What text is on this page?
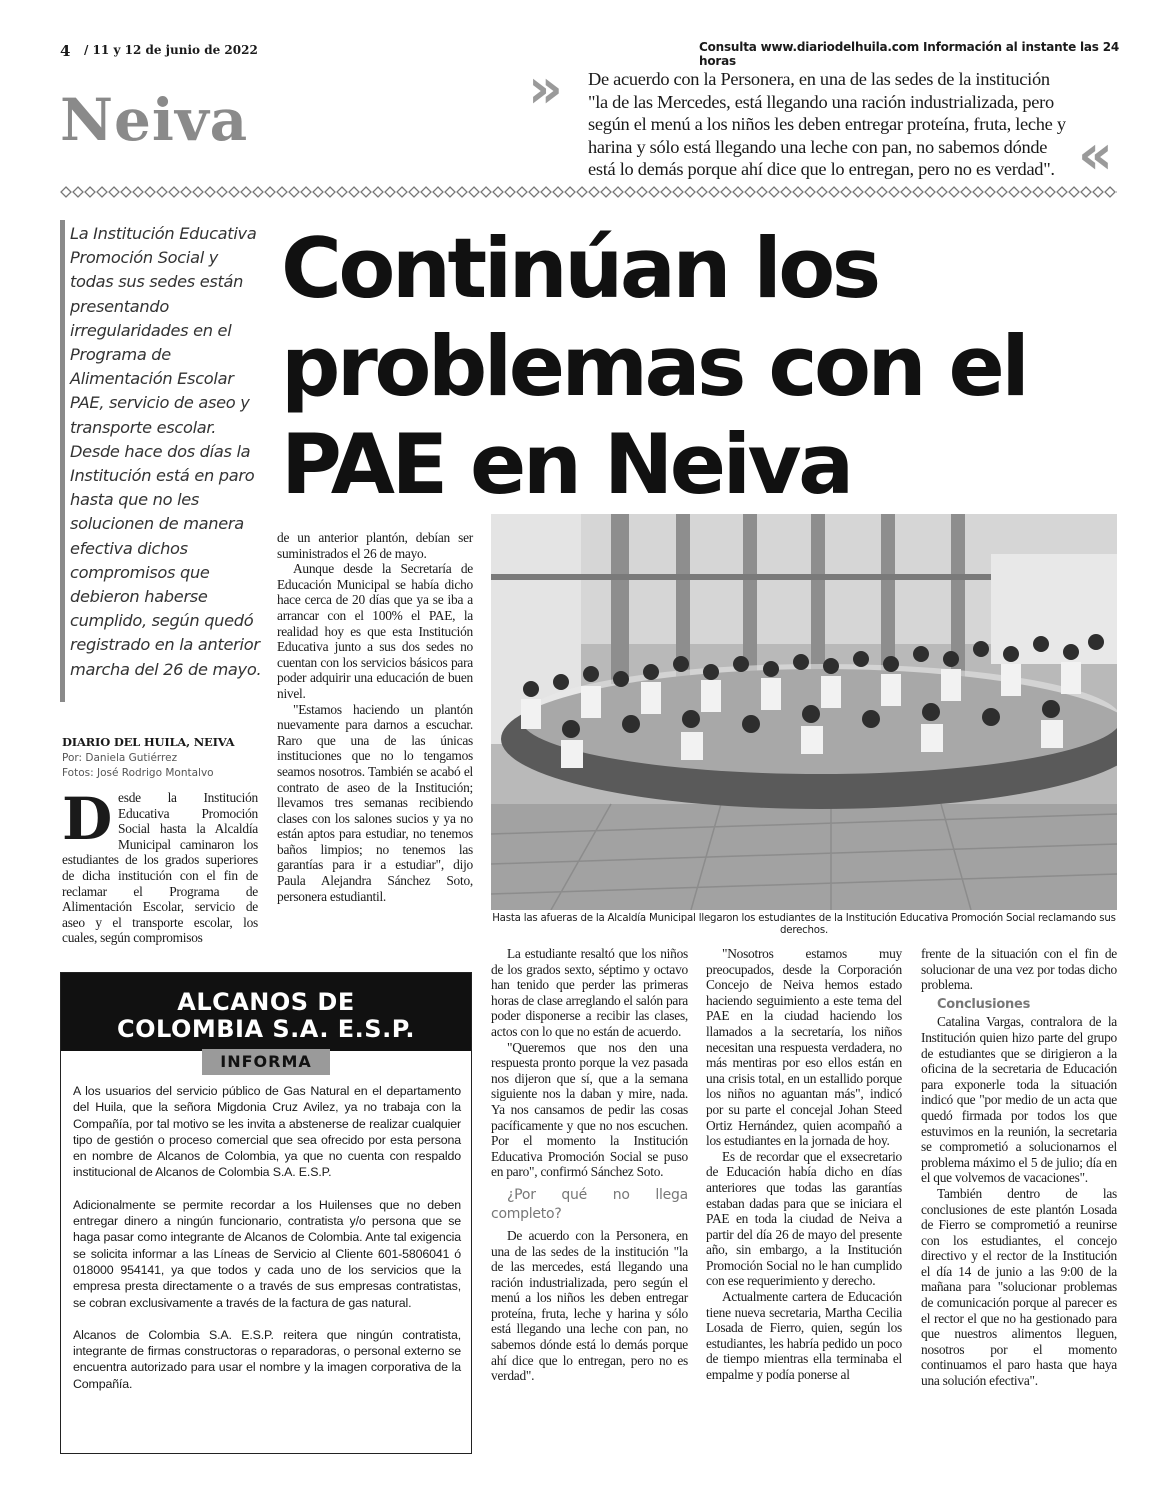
4 / 11 y 12 de junio de 2022	Consulta www.diariodelhuila.com Información al instante las 24 horas
Neiva	» De acuerdo con la Personera, en una de las sedes de la institución "la de las Mercedes, está llegando una ración industrializada, pero según el menú a los niños les deben entregar proteína, fruta, leche y harina y sólo está llegando una leche con pan, no sabemos dónde está lo demás porque ahí dice que lo entregan, pero no es verdad". «
La Institución Educativa Promoción Social y todas sus sedes están presentando irregularidades en el Programa de Alimentación Escolar PAE, servicio de aseo y transporte escolar. Desde hace dos días la Institución está en paro hasta que no les solucionen de manera efectiva dichos compromisos que debieron haberse cumplido, según quedó registrado en la anterior marcha del 26 de mayo.
Continúan los problemas con el PAE en Neiva
DIARIO DEL HUILA, NEIVA
Por: Daniela Gutiérrez
Fotos: José Rodrigo Montalvo
D esde la Institución Educativa Promoción Social hasta la Alcaldía Municipal caminaron los estudiantes de los grados superiores de dicha institución con el fin de reclamar el Programa de Alimentación Escolar, servicio de aseo y el transporte escolar, los cuales, según compromisos

de un anterior plantón, debían ser suministrados el 26 de mayo.

Aunque desde la Secretaría de Educación Municipal se había dicho hace cerca de 20 días que ya se iba a arrancar con el 100% el PAE, la realidad hoy es que esta Institución Educativa junto a sus dos sedes no cuentan con los servicios básicos para poder adquirir una educación de buen nivel.

"Estamos haciendo un plantón nuevamente para darnos a escuchar. Raro que una de las únicas instituciones que no lo tengamos seamos nosotros. También se acabó el contrato de aseo de la Institución; llevamos tres semanas recibiendo clases con los salones sucios y ya no están aptos para estudiar, no tenemos baños limpios; no tenemos las garantías para ir a estudiar", dijo Paula Alejandra Sánchez Soto, personera estudiantil.

Hasta las afueras de la Alcaldía Municipal llegaron los estudiantes de la Institución Educativa Promoción Social reclamando sus derechos.

La estudiante resaltó que los niños de los grados sexto, séptimo y octavo han tenido que perder las primeras horas de clase arreglando el salón para poder disponerse a recibir las clases, actos con lo que no están de acuerdo.

"Queremos que nos den una respuesta pronto porque la vez pasada nos dijeron que sí, que a la semana siguiente nos la daban y mire, nada. Ya nos cansamos de pedir las cosas pacíficamente y que no nos escuchen. Por el momento la Institución Educativa Promoción Social se puso en paro", confirmó Sánchez Soto.

¿Por qué no llega completo?

De acuerdo con la Personera, en una de las sedes de la institución "la de las mercedes, está llegando una ración industrializada, pero según el menú a los niños les deben entregar proteína, fruta, leche y harina y sólo está llegando una leche con pan, no sabemos dónde está lo demás porque ahí dice que lo entregan, pero no es verdad".

"Nosotros estamos muy preocupados, desde la Corporación Concejo de Neiva hemos estado haciendo seguimiento a este tema del PAE en la ciudad haciendo los llamados a la secretaría, los niños necesitan una respuesta verdadera, no más mentiras por eso ellos están en una crisis total, en un estallido porque los niños no aguantan más", indicó por su parte el concejal Johan Steed Ortiz Hernández, quien acompañó a los estudiantes en la jornada de hoy.

Es de recordar que el exsecretario de Educación había dicho en días anteriores que todas las garantías estaban dadas para que se iniciara el PAE en toda la ciudad de Neiva a partir del día 26 de mayo del presente año, sin embargo, a la Institución Promoción Social no le han cumplido con ese requerimiento y derecho.

Actualmente cartera de Educación tiene nueva secretaria, Martha Cecilia Losada de Fierro, quien, según los estudiantes, les habría pedido un poco de tiempo mientras ella terminaba el empalme y podía ponerse al

frente de la situación con el fin de solucionar de una vez por todas dicho problema.

Conclusiones

Catalina Vargas, contralora de la Institución quien hizo parte del grupo de estudiantes que se dirigieron a la oficina de la secretaria de Educación para exponerle toda la situación indicó que "por medio de un acta que quedó firmada por todos los que estuvimos en la reunión, la secretaria se comprometió a solucionarnos el problema máximo el 5 de julio; día en el que volvemos de vacaciones".

También dentro de las conclusiones de este plantón Losada de Fierro se comprometió a reunirse con los estudiantes, el concejo directivo y el rector de la Institución el día 14 de junio a las 9:00 de la mañana para "solucionar problemas de comunicación porque al parecer es el rector el que no ha gestionado para que nuestros alimentos lleguen, nosotros por el momento continuamos el paro hasta que haya una solución efectiva".

ALCANOS DE
COLOMBIA S.A. E.S.P.
INFORMA

A los usuarios del servicio público de Gas Natural en el departamento del Huila, que la señora Migdonia Cruz Avilez, ya no trabaja con la Compañía, por tal motivo se les invita a abstenerse de realizar cualquier tipo de gestión o proceso comercial que sea ofrecido por esta persona en nombre de Alcanos de Colombia, ya que no cuenta con respaldo institucional de Alcanos de Colombia S.A. E.S.P.

Adicionalmente se permite recordar a los Huilenses que no deben entregar dinero a ningún funcionario, contratista y/o persona que se haga pasar como integrante de Alcanos de Colombia. Ante tal exigencia se solicita informar a las Líneas de Servicio al Cliente 601-5806041 ó 018000 954141, ya que todos y cada uno de los servicios que la empresa presta directamente o a través de sus empresas contratistas, se cobran exclusivamente a través de la factura de gas natural.

Alcanos de Colombia S.A. E.S.P. reitera que ningún contratista, integrante de firmas constructoras o reparadoras, o personal externo se encuentra autorizado para usar el nombre y la imagen corporativa de la Compañía.
